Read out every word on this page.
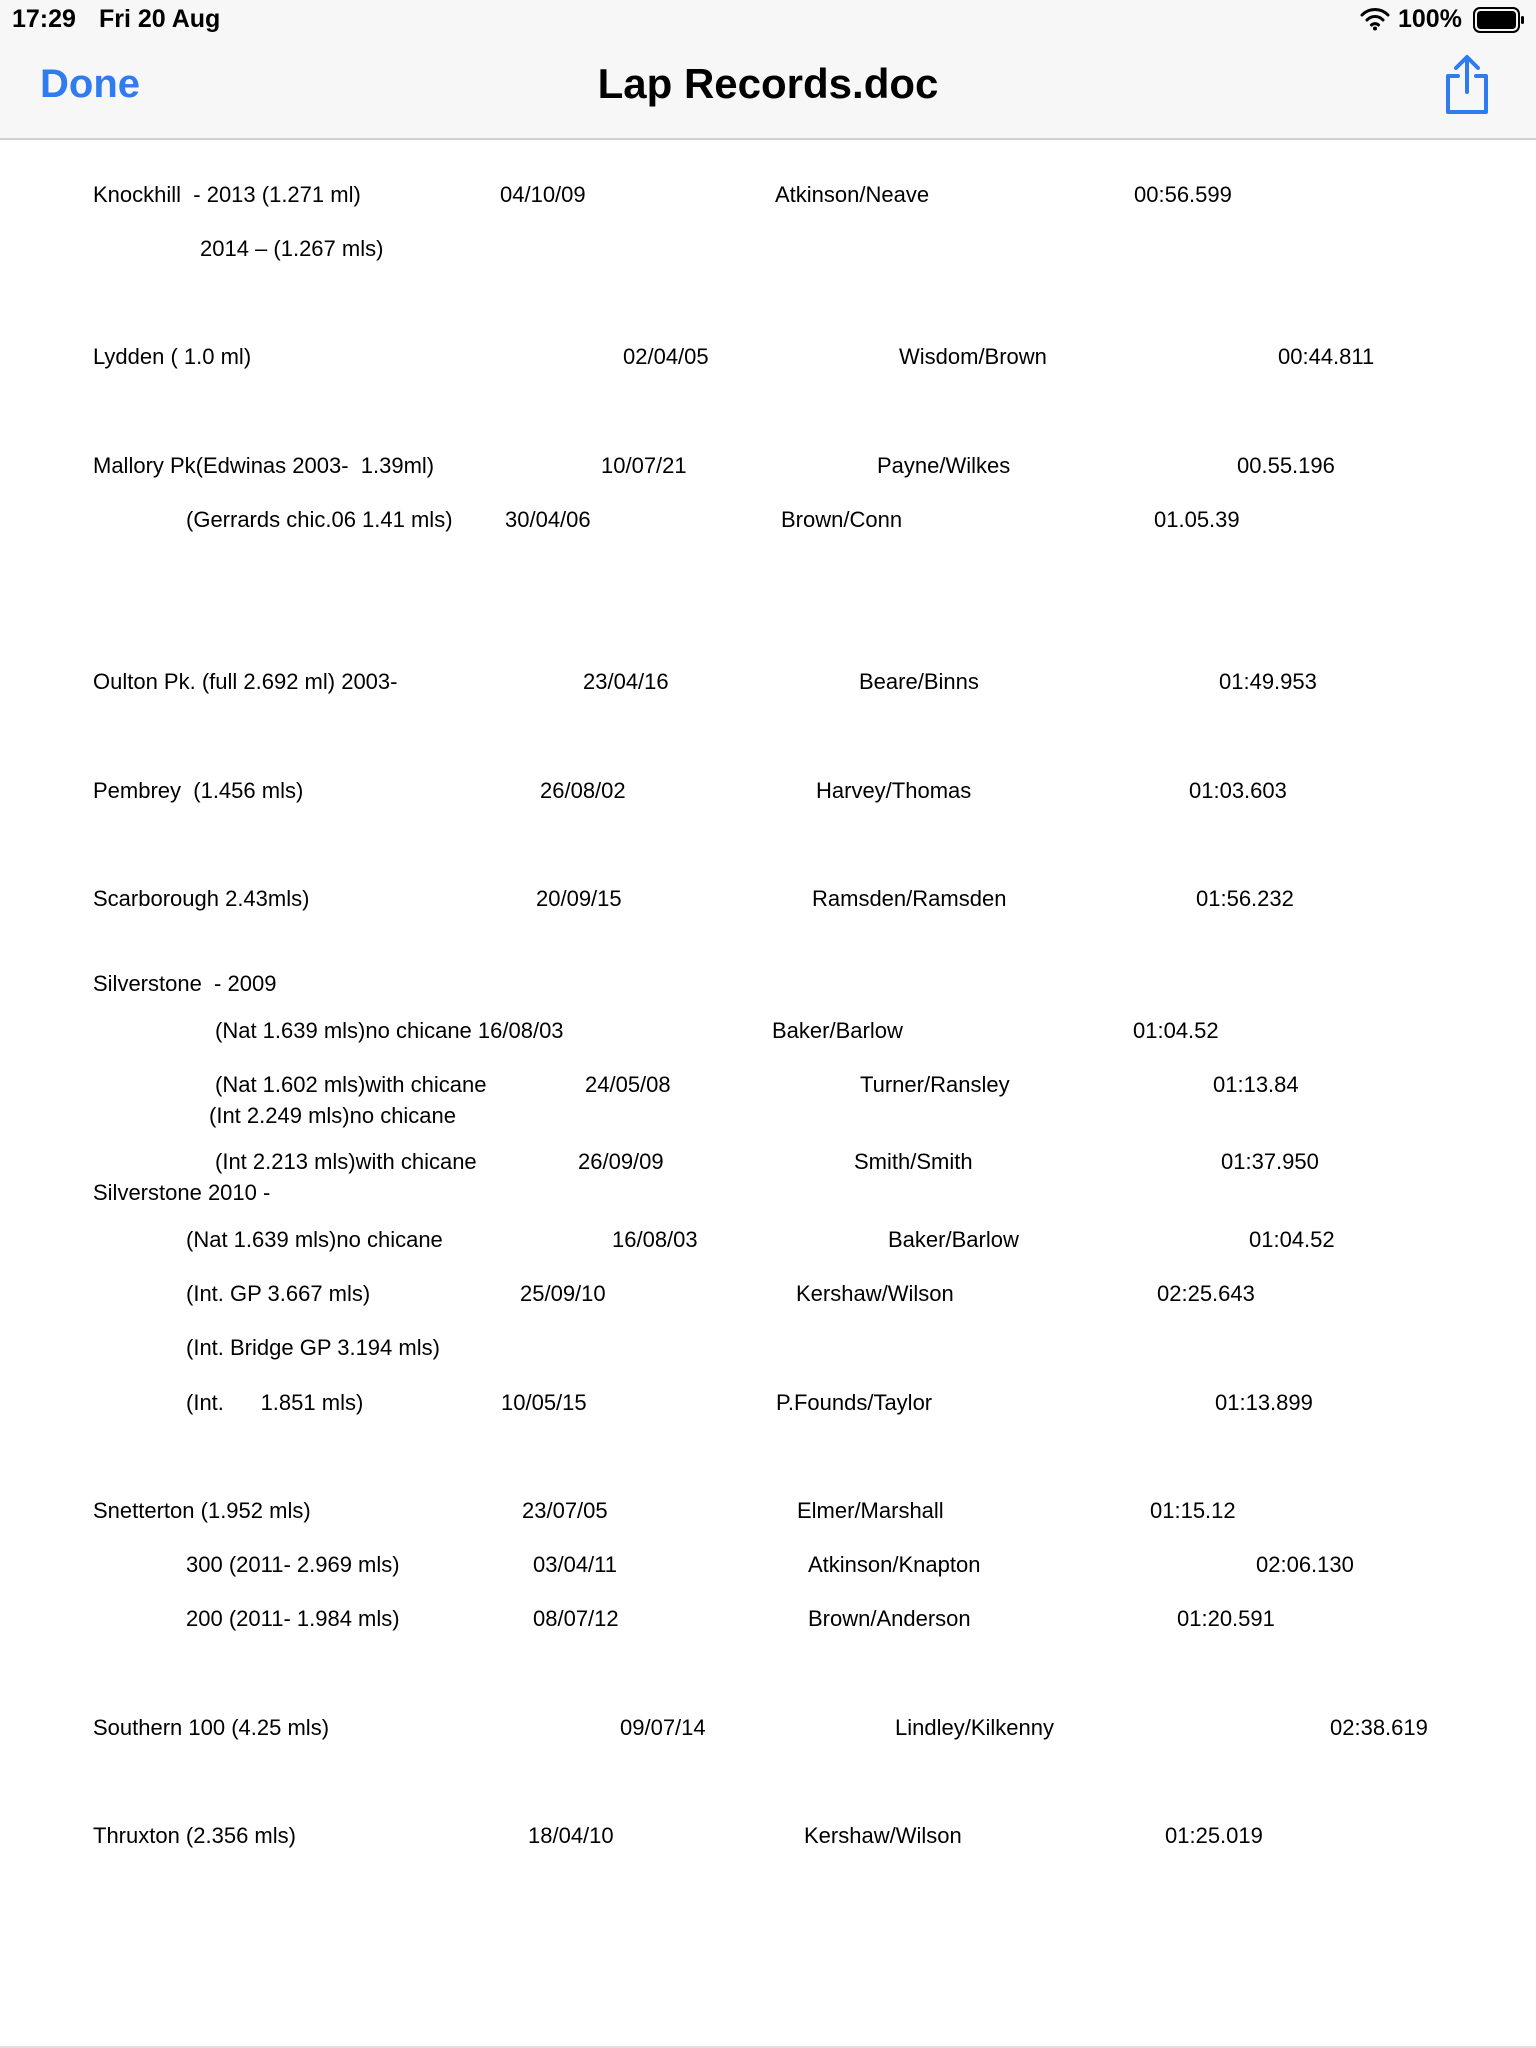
17:29 Fri 20 Aug	100%
Done	Lap Records.doc
Knockhill  - 2013 (1.271 ml)	04/10/09	Atkinson/Neave	00:56.599
2014 – (1.267 mls)
Lydden ( 1.0 ml)	02/04/05	Wisdom/Brown	00:44.811
Mallory Pk(Edwinas 2003-  1.39ml)	10/07/21	Payne/Wilkes	00.55.196
(Gerrards chic.06 1.41 mls) 30/04/06	Brown/Conn	01.05.39
Oulton Pk. (full 2.692 ml) 2003-	23/04/16	Beare/Binns	01:49.953
Pembrey  (1.456 mls)	26/08/02	Harvey/Thomas	01:03.603
Scarborough 2.43mls)	20/09/15	Ramsden/Ramsden	01:56.232
Silverstone  - 2009
(Nat 1.639 mls)no chicane 16/08/03	Baker/Barlow	01:04.52
(Nat 1.602 mls)with chicane	24/05/08	Turner/Ransley	01:13.84
(Int 2.249 mls)no chicane
(Int 2.213 mls)with chicane	26/09/09	Smith/Smith	01:37.950
Silverstone 2010 -
(Nat 1.639 mls)no chicane	16/08/03	Baker/Barlow	01:04.52
(Int. GP 3.667 mls)	25/09/10	Kershaw/Wilson	02:25.643
(Int. Bridge GP 3.194 mls)
(Int.      1.851 mls)	10/05/15	P.Founds/Taylor	01:13.899
Snetterton (1.952 mls)	23/07/05	Elmer/Marshall	01:15.12
300 (2011- 2.969 mls)	03/04/11	Atkinson/Knapton	02:06.130
200 (2011- 1.984 mls)	08/07/12	Brown/Anderson	01:20.591
Southern 100 (4.25 mls)	09/07/14	Lindley/Kilkenny	02:38.619
Thruxton (2.356 mls)	18/04/10	Kershaw/Wilson	01:25.019
